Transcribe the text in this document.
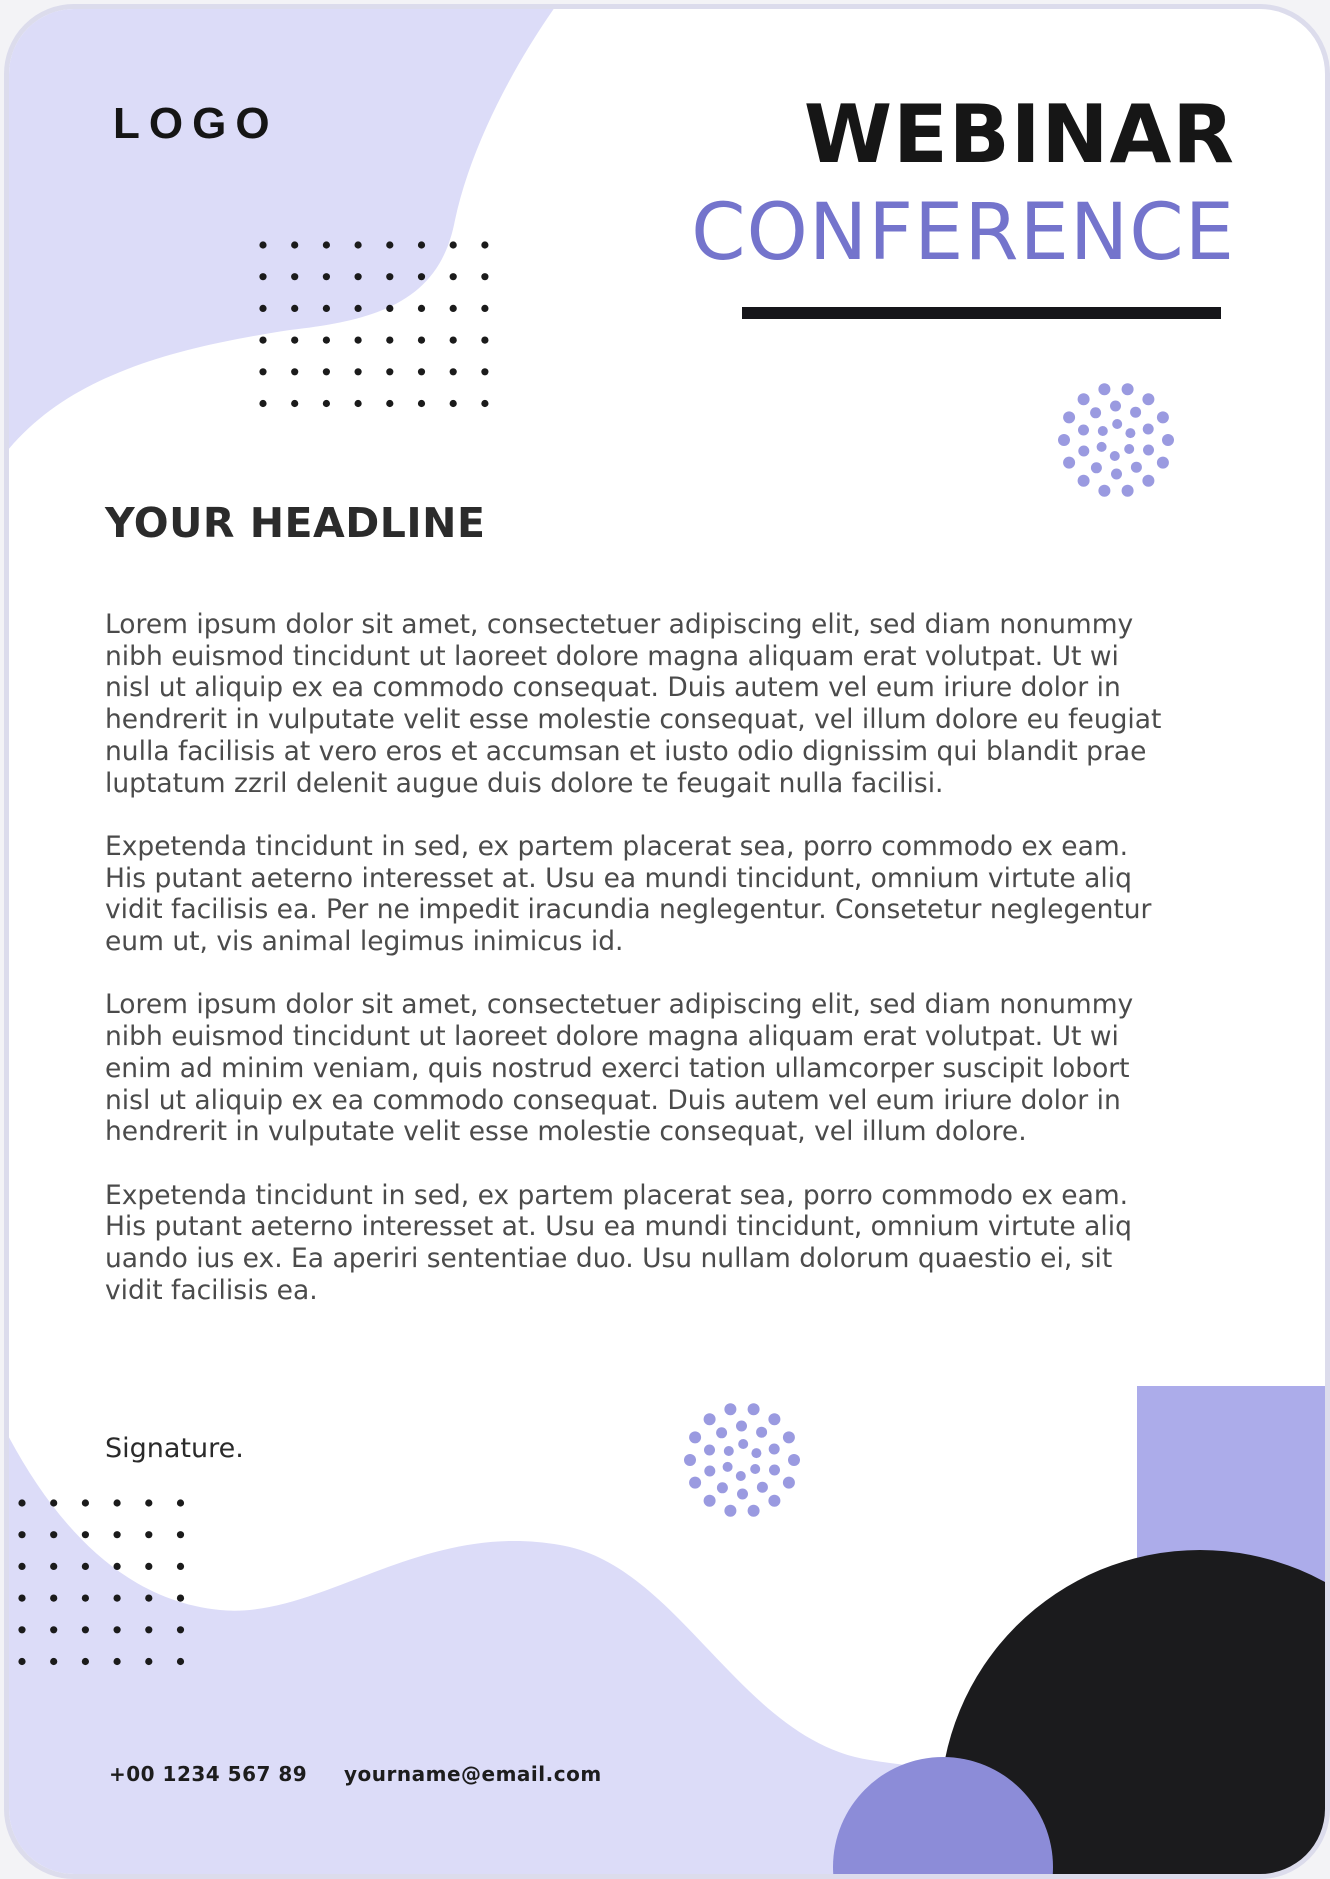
LOGO	WEBINAR
CONFERENCE
YOUR HEADLINE

Lorem ipsum dolor sit amet, consectetuer adipiscing elit, sed diam nonummy
nibh euismod tincidunt ut laoreet dolore magna aliquam erat volutpat. Ut wi
nisl ut aliquip ex ea commodo consequat. Duis autem vel eum iriure dolor in
hendrerit in vulputate velit esse molestie consequat, vel illum dolore eu feugiat
nulla facilisis at vero eros et accumsan et iusto odio dignissim qui blandit prae
luptatum zzril delenit augue duis dolore te feugait nulla facilisi.

Expetenda tincidunt in sed, ex partem placerat sea, porro commodo ex eam.
His putant aeterno interesset at. Usu ea mundi tincidunt, omnium virtute aliq
vidit facilisis ea. Per ne impedit iracundia neglegentur. Consetetur neglegentur
eum ut, vis animal legimus inimicus id.

Lorem ipsum dolor sit amet, consectetuer adipiscing elit, sed diam nonummy
nibh euismod tincidunt ut laoreet dolore magna aliquam erat volutpat. Ut wi
enim ad minim veniam, quis nostrud exerci tation ullamcorper suscipit lobort
nisl ut aliquip ex ea commodo consequat. Duis autem vel eum iriure dolor in
hendrerit in vulputate velit esse molestie consequat, vel illum dolore.

Expetenda tincidunt in sed, ex partem placerat sea, porro commodo ex eam.
His putant aeterno interesset at. Usu ea mundi tincidunt, omnium virtute aliq
uando ius ex. Ea aperiri sententiae duo. Usu nullam dolorum quaestio ei, sit
vidit facilisis ea.

Signature.
+00 1234 567 89 yourname@email.com
